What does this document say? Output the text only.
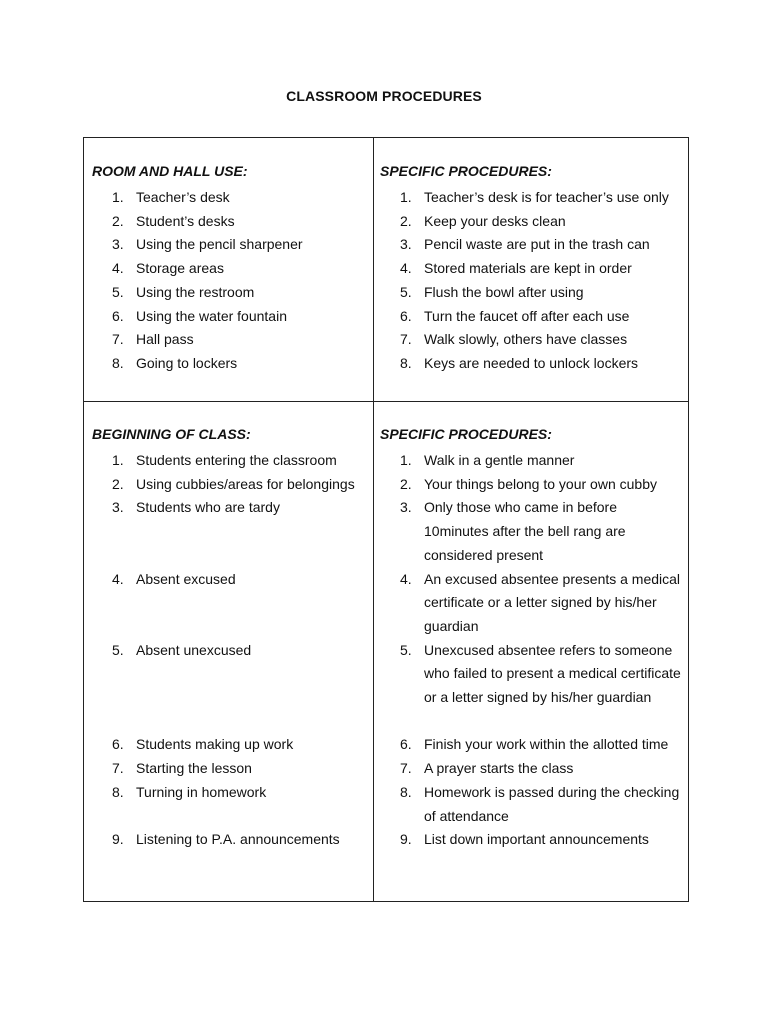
CLASSROOM PROCEDURES
ROOM AND HALL USE:
1. Teacher’s desk
2. Student’s desks
3. Using the pencil sharpener
4. Storage areas
5. Using the restroom
6. Using the water fountain
7. Hall pass
8. Going to lockers
SPECIFIC PROCEDURES:
1. Teacher’s desk is for teacher’s use only
2. Keep your desks clean
3. Pencil waste are put in the trash can
4. Stored materials are kept in order
5. Flush the bowl after using
6. Turn the faucet off after each use
7. Walk slowly, others have classes
8. Keys are needed to unlock lockers
BEGINNING OF CLASS:
1. Students entering the classroom
2. Using cubbies/areas for belongings
3. Students who are tardy
4. Absent excused
5. Absent unexcused
6. Students making up work
7. Starting the lesson
8. Turning in homework
9. Listening to P.A. announcements
SPECIFIC PROCEDURES:
1. Walk in a gentle manner
2. Your things belong to your own cubby
3. Only those who came in before 10minutes after the bell rang are considered present
4. An excused absentee presents a medical certificate or a letter signed by his/her guardian
5. Unexcused absentee refers to someone who failed to present a medical certificate or a letter signed by his/her guardian
6. Finish your work within the allotted time
7. A prayer starts the class
8. Homework is passed during the checking of attendance
9. List down important announcements
